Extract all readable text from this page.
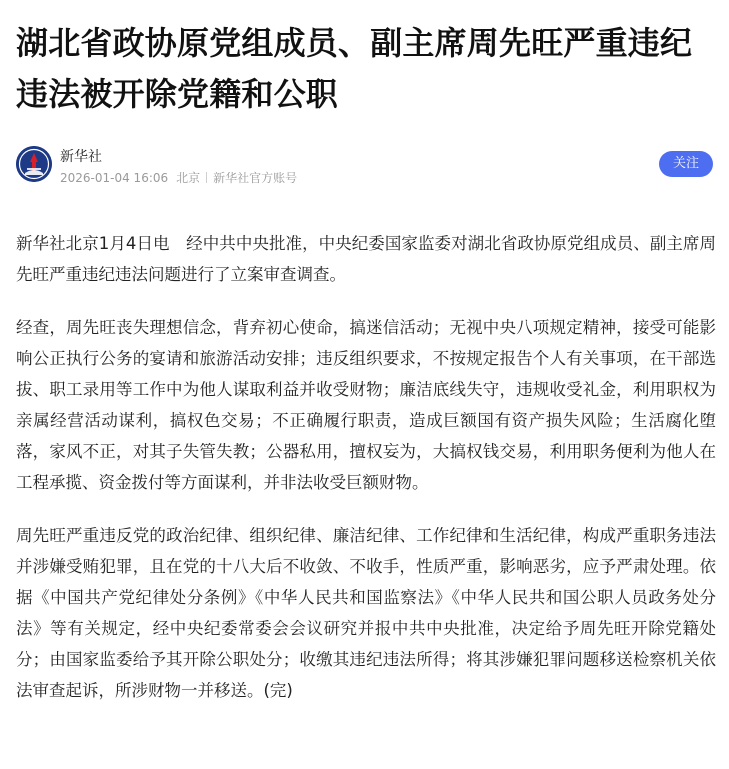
湖北省政协原党组成员、副主席周先旺严重违纪违法被开除党籍和公职
新华社
2026-01-04 16:06 北京 新华社官方账号
关注

新华社北京1月4日电　经中共中央批准，中央纪委国家监委对湖北省政协原党组成员、副主席周先旺严重违纪违法问题进行了立案审查调查。

经查，周先旺丧失理想信念，背弃初心使命，搞迷信活动；无视中央八项规定精神，接受可能影响公正执行公务的宴请和旅游活动安排；违反组织要求，不按规定报告个人有关事项，在干部选拔、职工录用等工作中为他人谋取利益并收受财物；廉洁底线失守，违规收受礼金，利用职权为亲属经营活动谋利，搞权色交易；不正确履行职责，造成巨额国有资产损失风险；生活腐化堕落，家风不正，对其子失管失教；公器私用，擅权妄为，大搞权钱交易，利用职务便利为他人在工程承揽、资金拨付等方面谋利，并非法收受巨额财物。

周先旺严重违反党的政治纪律、组织纪律、廉洁纪律、工作纪律和生活纪律，构成严重职务违法并涉嫌受贿犯罪，且在党的十八大后不收敛、不收手，性质严重，影响恶劣，应予严肃处理。依据《中国共产党纪律处分条例》《中华人民共和国监察法》《中华人民共和国公职人员政务处分法》等有关规定，经中央纪委常委会会议研究并报中共中央批准，决定给予周先旺开除党籍处分；由国家监委给予其开除公职处分；收缴其违纪违法所得；将其涉嫌犯罪问题移送检察机关依法审查起诉，所涉财物一并移送。(完)
